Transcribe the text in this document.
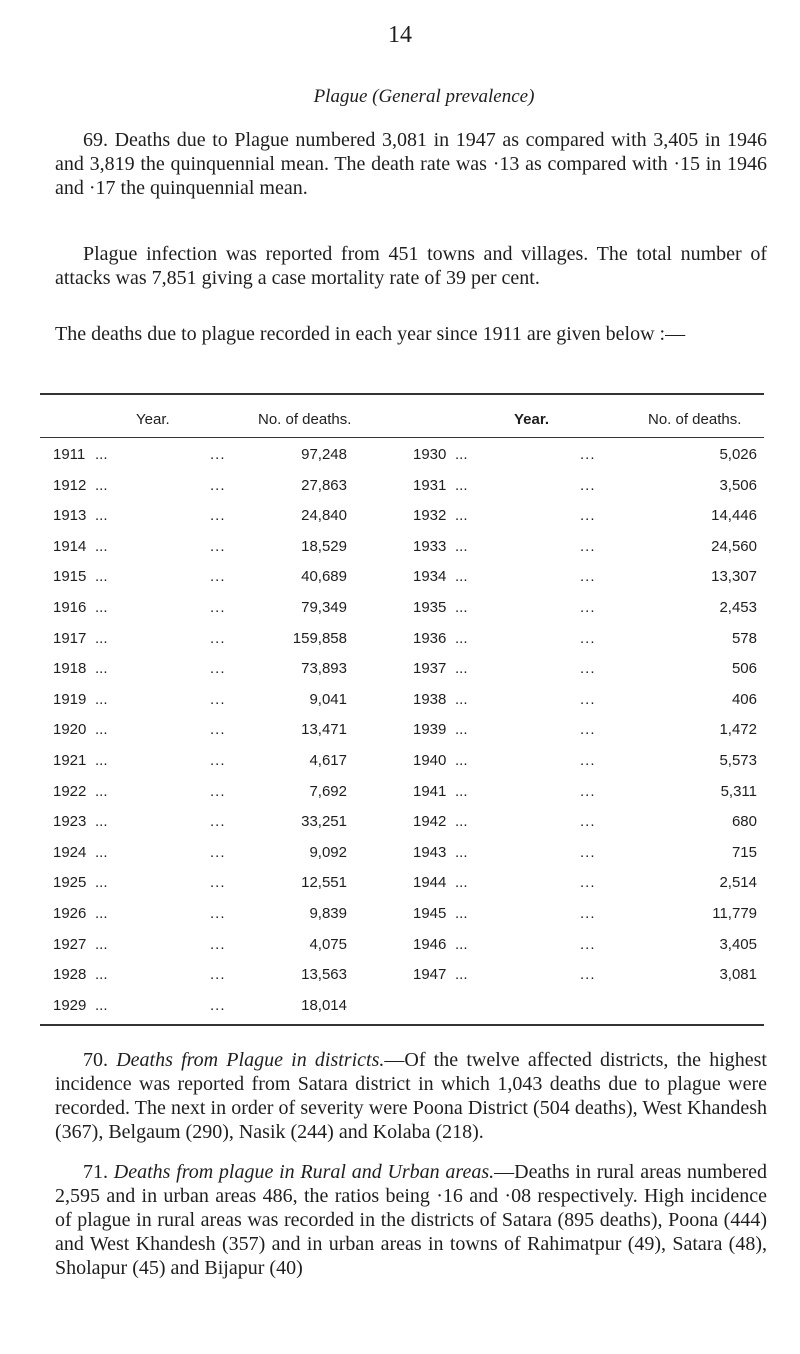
14
Plague (General prevalence)

69. Deaths due to Plague numbered 3,081 in 1947 as compared with 3,405 in 1946 and 3,819 the quinquennial mean. The death rate was ·13 as compared with ·15 in 1946 and ·17 the quinquennial mean.

Plague infection was reported from 451 towns and villages. The total number of attacks was 7,851 giving a case mortality rate of 39 per cent.

The deaths due to plague recorded in each year since 1911 are given below :—

Year.	No. of deaths.	Year.	No. of deaths.
1911 ...	...	97,248	1930 ...	...	5,026
1912 ...	...	27,863	1931 ...	...	3,506
1913 ...	...	24,840	1932 ...	...	14,446
1914 ...	...	18,529	1933 ...	...	24,560
1915 ...	...	40,689	1934 ...	...	13,307
1916 ...	...	79,349	1935 ...	...	2,453
1917 ...	...	159,858	1936 ...	...	578
1918 ...	...	73,893	1937 ...	...	506
1919 ...	...	9,041	1938 ...	...	406
1920 ...	...	13,471	1939 ...	...	1,472
1921 ...	...	4,617	1940 ...	...	5,573
1922 ...	...	7,692	1941 ...	...	5,311
1923 ...	...	33,251	1942 ...	...	680
1924 ...	...	9,092	1943 ...	...	715
1925 ...	...	12,551	1944 ...	...	2,514
1926 ...	...	9,839	1945 ...	...	11,779
1927 ...	...	4,075	1946 ...	...	3,405
1928 ...	...	13,563	1947 ...	...	3,081
1929 ...	...	18,014

70. Deaths from Plague in districts.—Of the twelve affected districts, the highest incidence was reported from Satara district in which 1,043 deaths due to plague were recorded. The next in order of severity were Poona District (504 deaths), West Khandesh (367), Belgaum (290), Nasik (244) and Kolaba (218).

71. Deaths from plague in Rural and Urban areas.—Deaths in rural areas numbered 2,595 and in urban areas 486, the ratios being ·16 and ·08 respectively. High incidence of plague in rural areas was recorded in the districts of Satara (895 deaths), Poona (444) and West Khandesh (357) and in urban areas in towns of Rahimatpur (49), Satara (48), Sholapur (45) and Bijapur (40)
